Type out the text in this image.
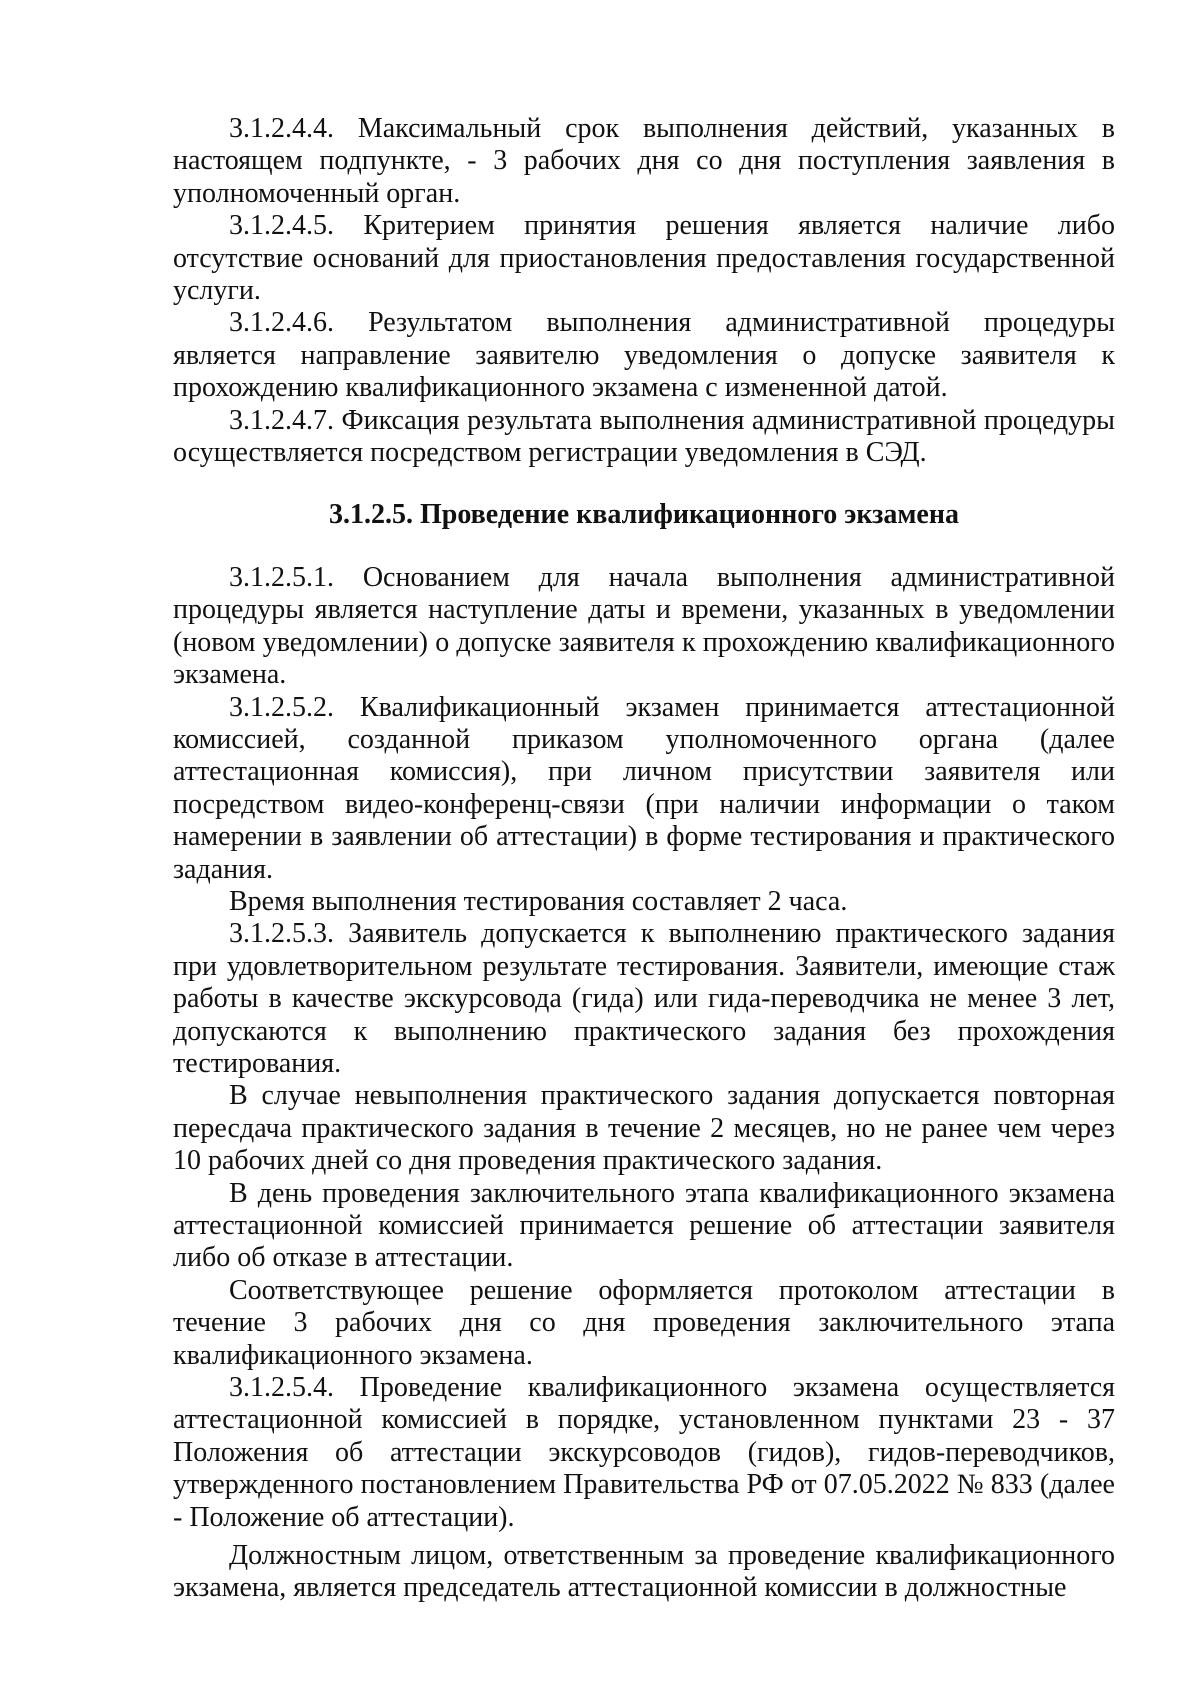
3.1.2.4.4. Максимальный срок выполнения действий, указанных в настоящем подпункте, - 3 рабочих дня со дня поступления заявления в уполномоченный орган.

3.1.2.4.5. Критерием принятия решения является наличие либо отсутствие оснований для приостановления предоставления государственной услуги.

3.1.2.4.6. Результатом выполнения административной процедуры является направление заявителю уведомления о допуске заявителя к прохождению квалификационного экзамена с измененной датой.

3.1.2.4.7. Фиксация результата выполнения административной процедуры осуществляется посредством регистрации уведомления в СЭД.

3.1.2.5. Проведение квалификационного экзамена

3.1.2.5.1. Основанием для начала выполнения административной процедуры является наступление даты и времени, указанных в уведомлении (новом уведомлении) о допуске заявителя к прохождению квалификационного экзамена.

3.1.2.5.2. Квалификационный экзамен принимается аттестационной комиссией, созданной приказом уполномоченного органа (далее аттестационная комиссия), при личном присутствии заявителя или посредством видео-конференц-связи (при наличии информации о таком намерении в заявлении об аттестации) в форме тестирования и практического задания.

Время выполнения тестирования составляет 2 часа.

3.1.2.5.3. Заявитель допускается к выполнению практического задания при удовлетворительном результате тестирования. Заявители, имеющие стаж работы в качестве экскурсовода (гида) или гида-переводчика не менее 3 лет, допускаются к выполнению практического задания без прохождения тестирования.

В случае невыполнения практического задания допускается повторная пересдача практического задания в течение 2 месяцев, но не ранее чем через 10 рабочих дней со дня проведения практического задания.

В день проведения заключительного этапа квалификационного экзамена аттестационной комиссией принимается решение об аттестации заявителя либо об отказе в аттестации.

Соответствующее решение оформляется протоколом аттестации в течение 3 рабочих дня со дня проведения заключительного этапа квалификационного экзамена.

3.1.2.5.4. Проведение квалификационного экзамена осуществляется аттестационной комиссией в порядке, установленном пунктами 23 - 37 Положения об аттестации экскурсоводов (гидов), гидов-переводчиков, утвержденного постановлением Правительства РФ от 07.05.2022 № 833 (далее - Положение об аттестации).

Должностным лицом, ответственным за проведение квалификационного экзамена, является председатель аттестационной комиссии в должностные
